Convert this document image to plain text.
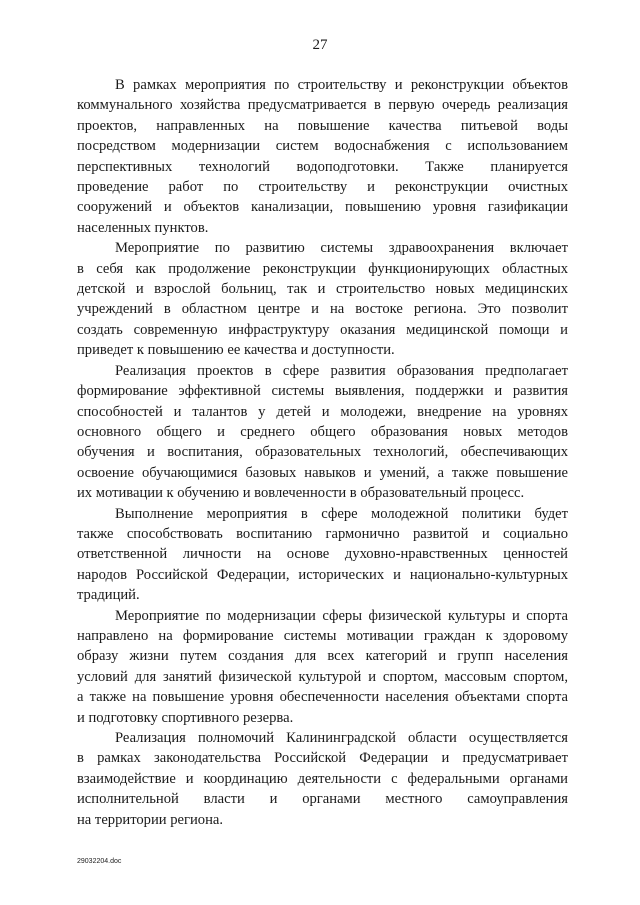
27

В рамках мероприятия по строительству и реконструкции объектов
коммунального хозяйства предусматривается в первую очередь реализация
проектов, направленных на повышение качества питьевой воды
посредством модернизации систем водоснабжения с использованием
перспективных технологий водоподготовки. Также планируется
проведение работ по строительству и реконструкции очистных
сооружений и объектов канализации, повышению уровня газификации
населенных пунктов.

Мероприятие по развитию системы здравоохранения включает
в себя как продолжение реконструкции функционирующих областных
детской и взрослой больниц, так и строительство новых медицинских
учреждений в областном центре и на востоке региона. Это позволит
создать современную инфраструктуру оказания медицинской помощи и
приведет к повышению ее качества и доступности.

Реализация проектов в сфере развития образования предполагает
формирование эффективной системы выявления, поддержки и развития
способностей и талантов у детей и молодежи, внедрение на уровнях
основного общего и среднего общего образования новых методов
обучения и воспитания, образовательных технологий, обеспечивающих
освоение обучающимися базовых навыков и умений, а также повышение
их мотивации к обучению и вовлеченности в образовательный процесс.

Выполнение мероприятия в сфере молодежной политики будет
также способствовать воспитанию гармонично развитой и социально
ответственной личности на основе духовно-нравственных ценностей
народов Российской Федерации, исторических и национально-культурных
традиций.

Мероприятие по модернизации сферы физической культуры и спорта
направлено на формирование системы мотивации граждан к здоровому
образу жизни путем создания для всех категорий и групп населения
условий для занятий физической культурой и спортом, массовым спортом,
а также на повышение уровня обеспеченности населения объектами спорта
и подготовку спортивного резерва.

Реализация полномочий Калининградской области осуществляется
в рамках законодательства Российской Федерации и предусматривает
взаимодействие и координацию деятельности с федеральными органами
исполнительной власти и органами местного самоуправления
на территории региона.

29032204.doc
